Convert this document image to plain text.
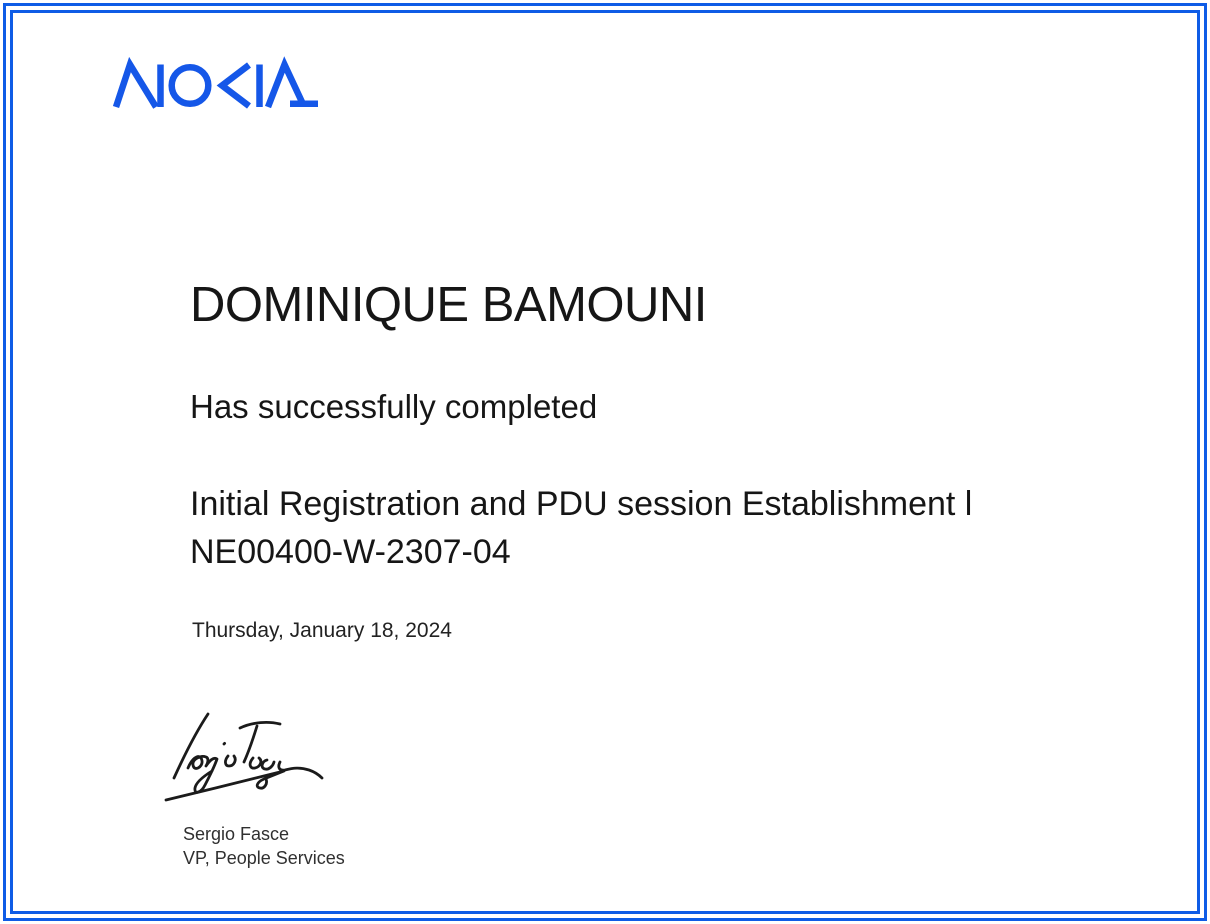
DOMINIQUE BAMOUNI
Has successfully completed
Initial Registration and PDU session Establishment l NE00400-W-2307-04
Thursday, January 18, 2024
Sergio Fasce
VP, People Services
